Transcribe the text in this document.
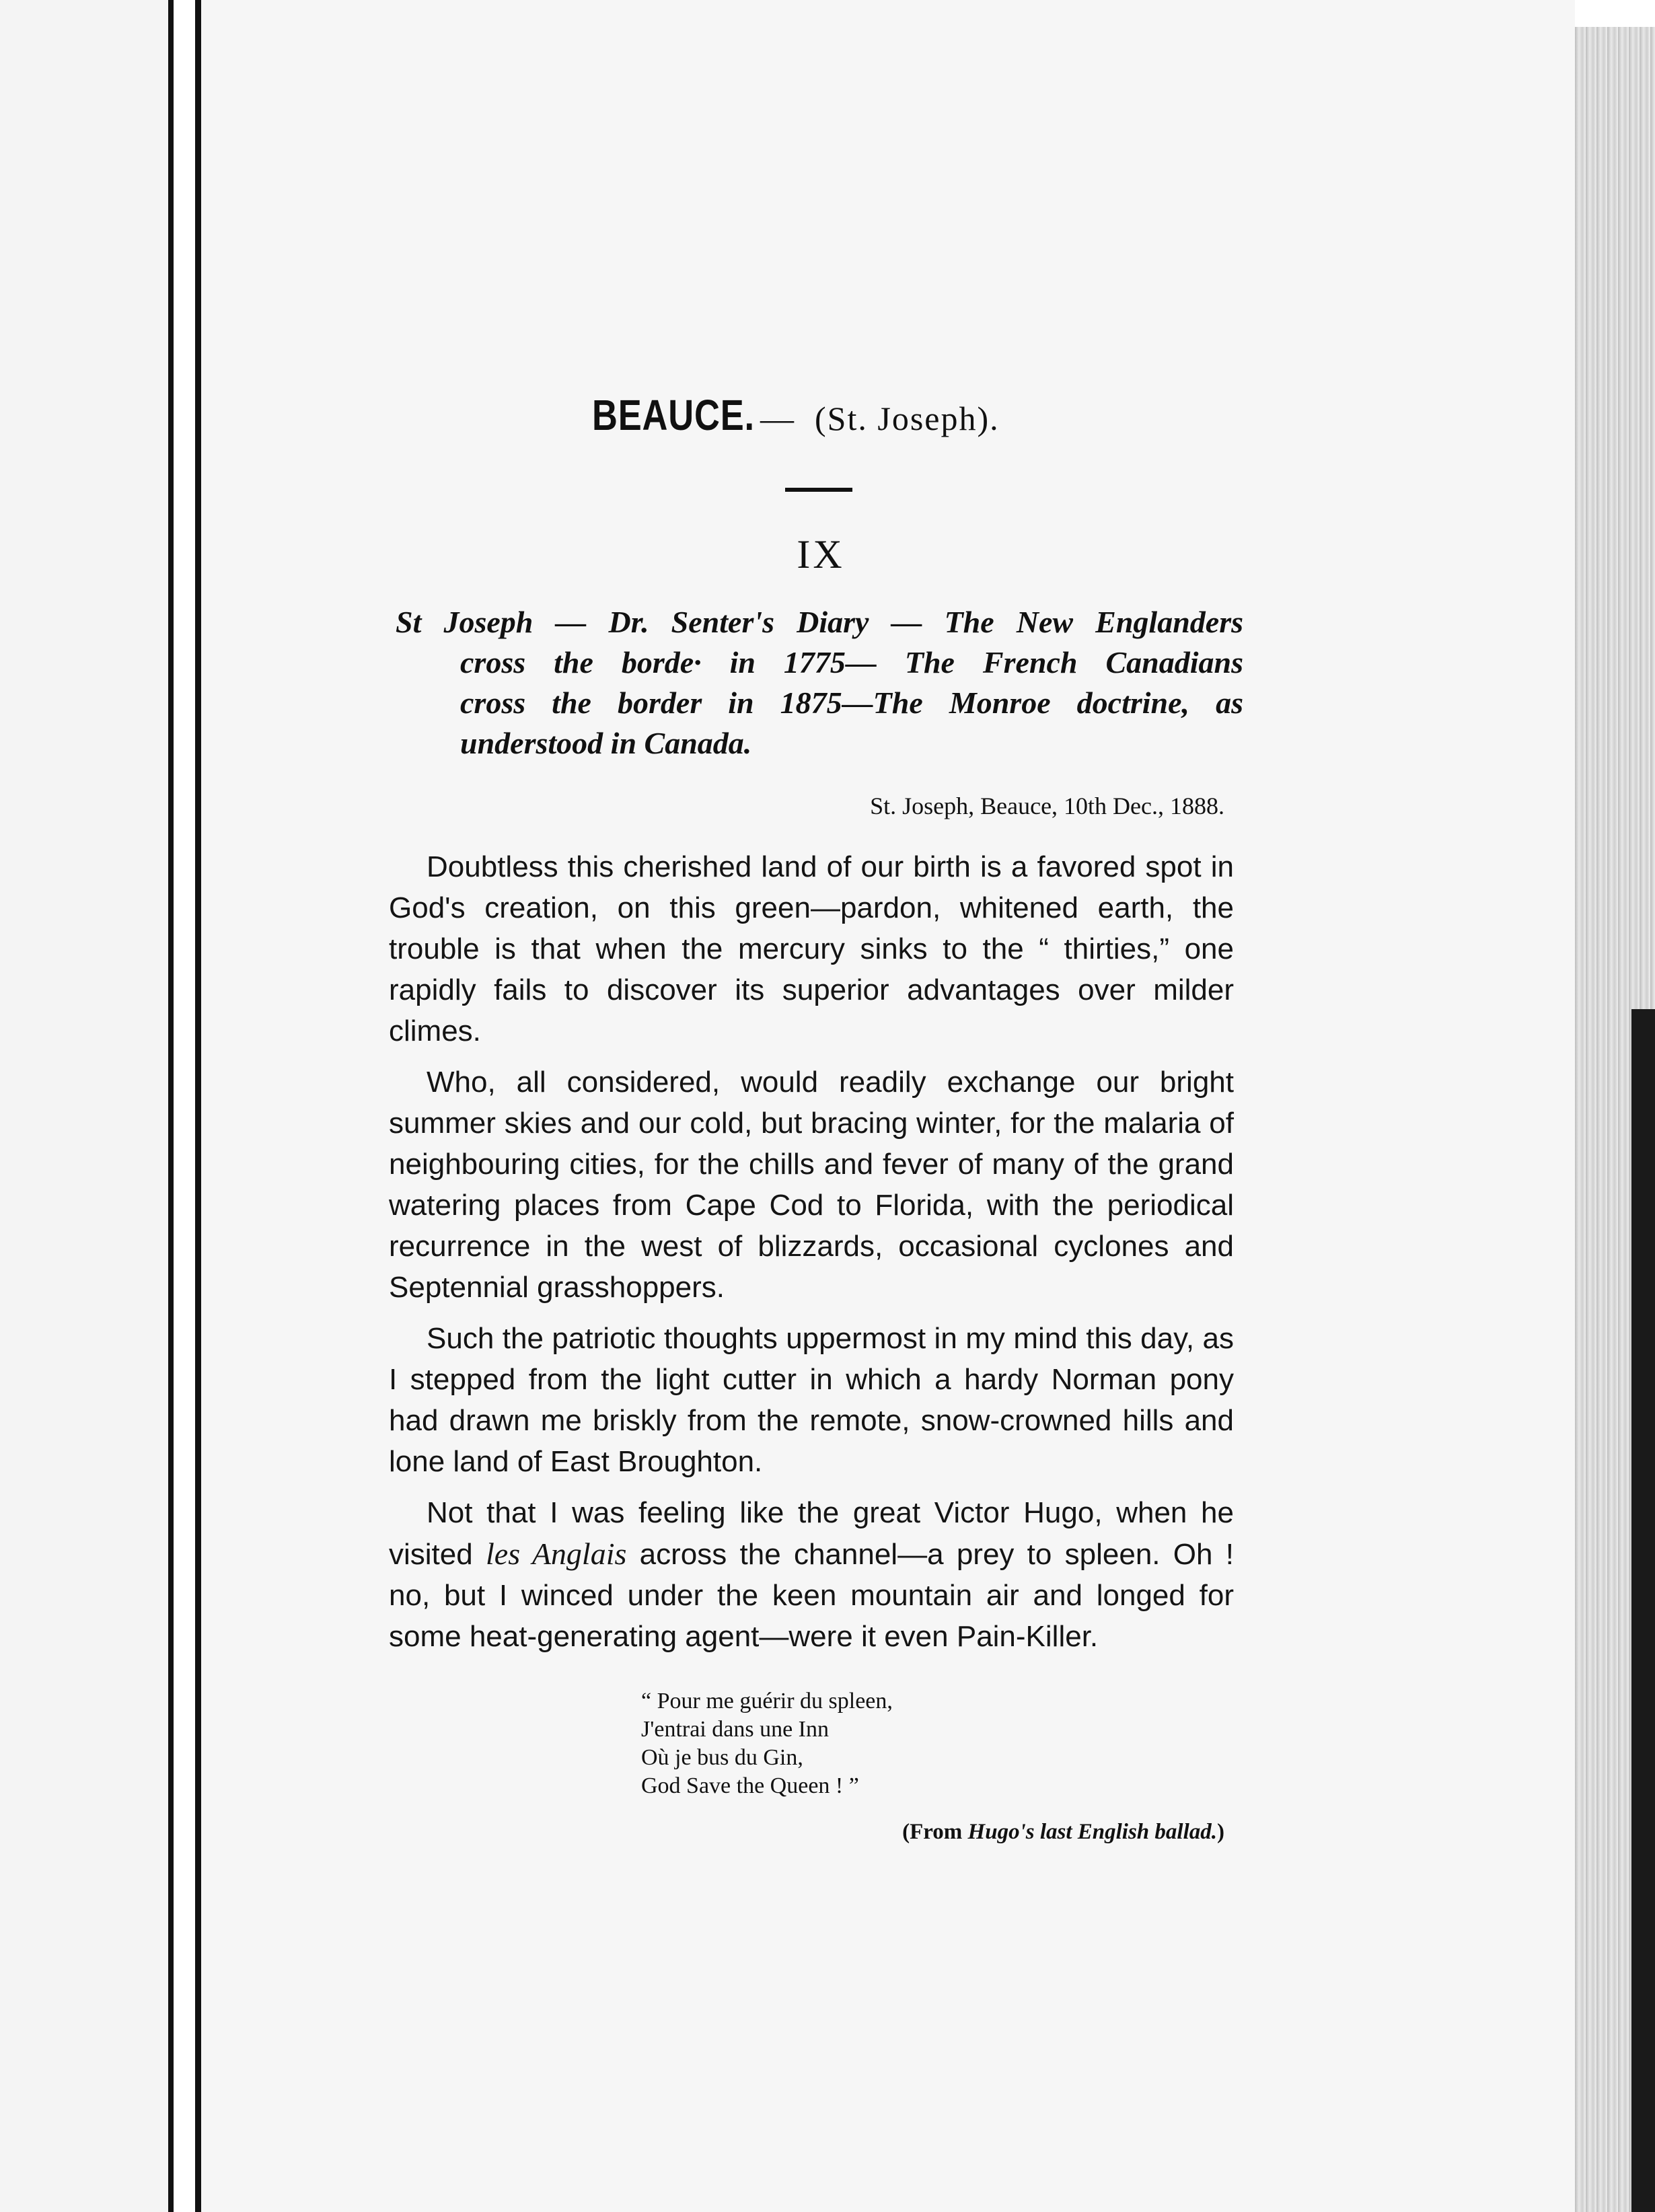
BEAUCE. — (St. Joseph).
IX
St Joseph — Dr. Senter's Diary — The New Englanders
cross the borde· in 1775— The French Canadians
cross the border in 1875—The Monroe doctrine, as
understood in Canada.
St. Joseph, Beauce, 10th Dec., 1888.

Doubtless this cherished land of our birth is a favored spot in God's creation, on this green—pardon, whitened earth, the trouble is that when the mercury sinks to the “ thirties,” one rapidly fails to discover its superior advantages over milder climes.

Who, all considered, would readily exchange our bright summer skies and our cold, but bracing winter, for the malaria of neighbouring cities, for the chills and fever of many of the grand watering places from Cape Cod to Florida, with the periodical recurrence in the west of blizzards, occasional cyclones and Septennial grasshoppers.

Such the patriotic thoughts uppermost in my mind this day, as I stepped from the light cutter in which a hardy Norman pony had drawn me briskly from the remote, snow-crowned hills and lone land of East Broughton.

Not that I was feeling like the great Victor Hugo, when he visited les Anglais across the channel—a prey to spleen. Oh ! no, but I winced under the keen mountain air and longed for some heat-generating agent—were it even Pain-Killer.

“ Pour me guérir du spleen,
J'entrai dans une Inn
Où je bus du Gin,
God Save the Queen ! ”
(From Hugo's last English ballad.)
